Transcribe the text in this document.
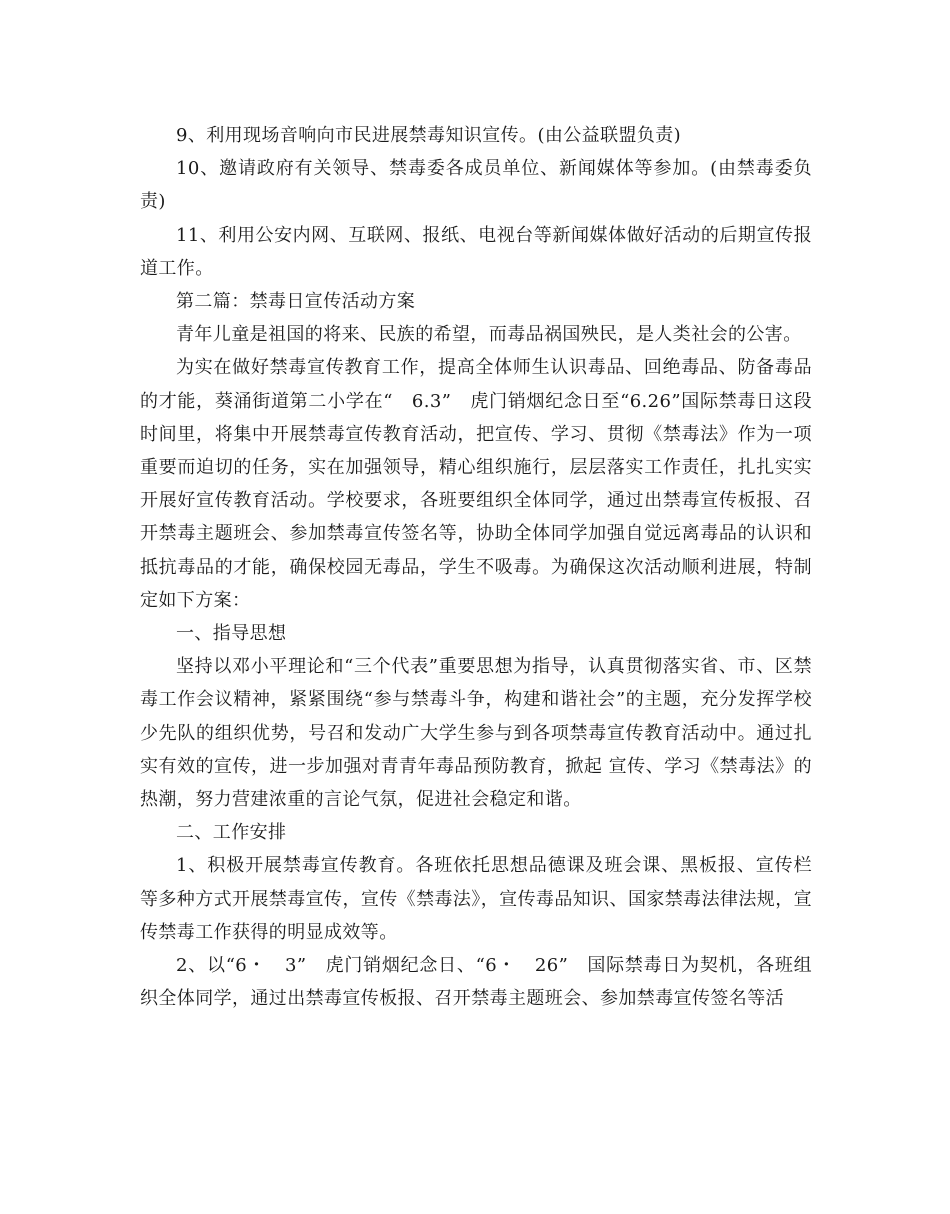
9、利用现场音响向市民进展禁毒知识宣传。(由公益联盟负责)

10、邀请政府有关领导、禁毒委各成员单位、新闻媒体等参加。(由禁毒委负责)

11、利用公安内网、互联网、报纸、电视台等新闻媒体做好活动的后期宣传报道工作。

第二篇：禁毒日宣传活动方案

青年儿童是祖国的将来、民族的希望，而毒品祸国殃民，是人类社会的公害。

为实在做好禁毒宣传教育工作，提高全体师生认识毒品、回绝毒品、防备毒品的才能，葵涌街道第二小学在“　6.3”　虎门销烟纪念日至“6.26”国际禁毒日这段时间里，将集中开展禁毒宣传教育活动，把宣传、学习、贯彻《禁毒法》作为一项重要而迫切的任务，实在加强领导，精心组织施行，层层落实工作责任，扎扎实实开展好宣传教育活动。学校要求，各班要组织全体同学，通过出禁毒宣传板报、召开禁毒主题班会、参加禁毒宣传签名等，协助全体同学加强自觉远离毒品的认识和抵抗毒品的才能，确保校园无毒品，学生不吸毒。为确保这次活动顺利进展，特制定如下方案：

一、指导思想

坚持以邓小平理论和“三个代表”重要思想为指导，认真贯彻落实省、市、区禁毒工作会议精神，紧紧围绕“参与禁毒斗争，构建和谐社会”的主题，充分发挥学校少先队的组织优势，号召和发动广大学生参与到各项禁毒宣传教育活动中。通过扎实有效的宣传，进一步加强对青青年毒品预防教育，掀起 宣传、学习《禁毒法》的热潮，努力营建浓重的言论气氛，促进社会稳定和谐。

二、工作安排

1、积极开展禁毒宣传教育。各班依托思想品德课及班会课、黑板报、宣传栏等多种方式开展禁毒宣传，宣传《禁毒法》，宣传毒品知识、国家禁毒法律法规，宣传禁毒工作获得的明显成效等。

2、以“6・　3”　虎门销烟纪念日、“6・　26”　国际禁毒日为契机，各班组织全体同学，通过出禁毒宣传板报、召开禁毒主题班会、参加禁毒宣传签名等活
